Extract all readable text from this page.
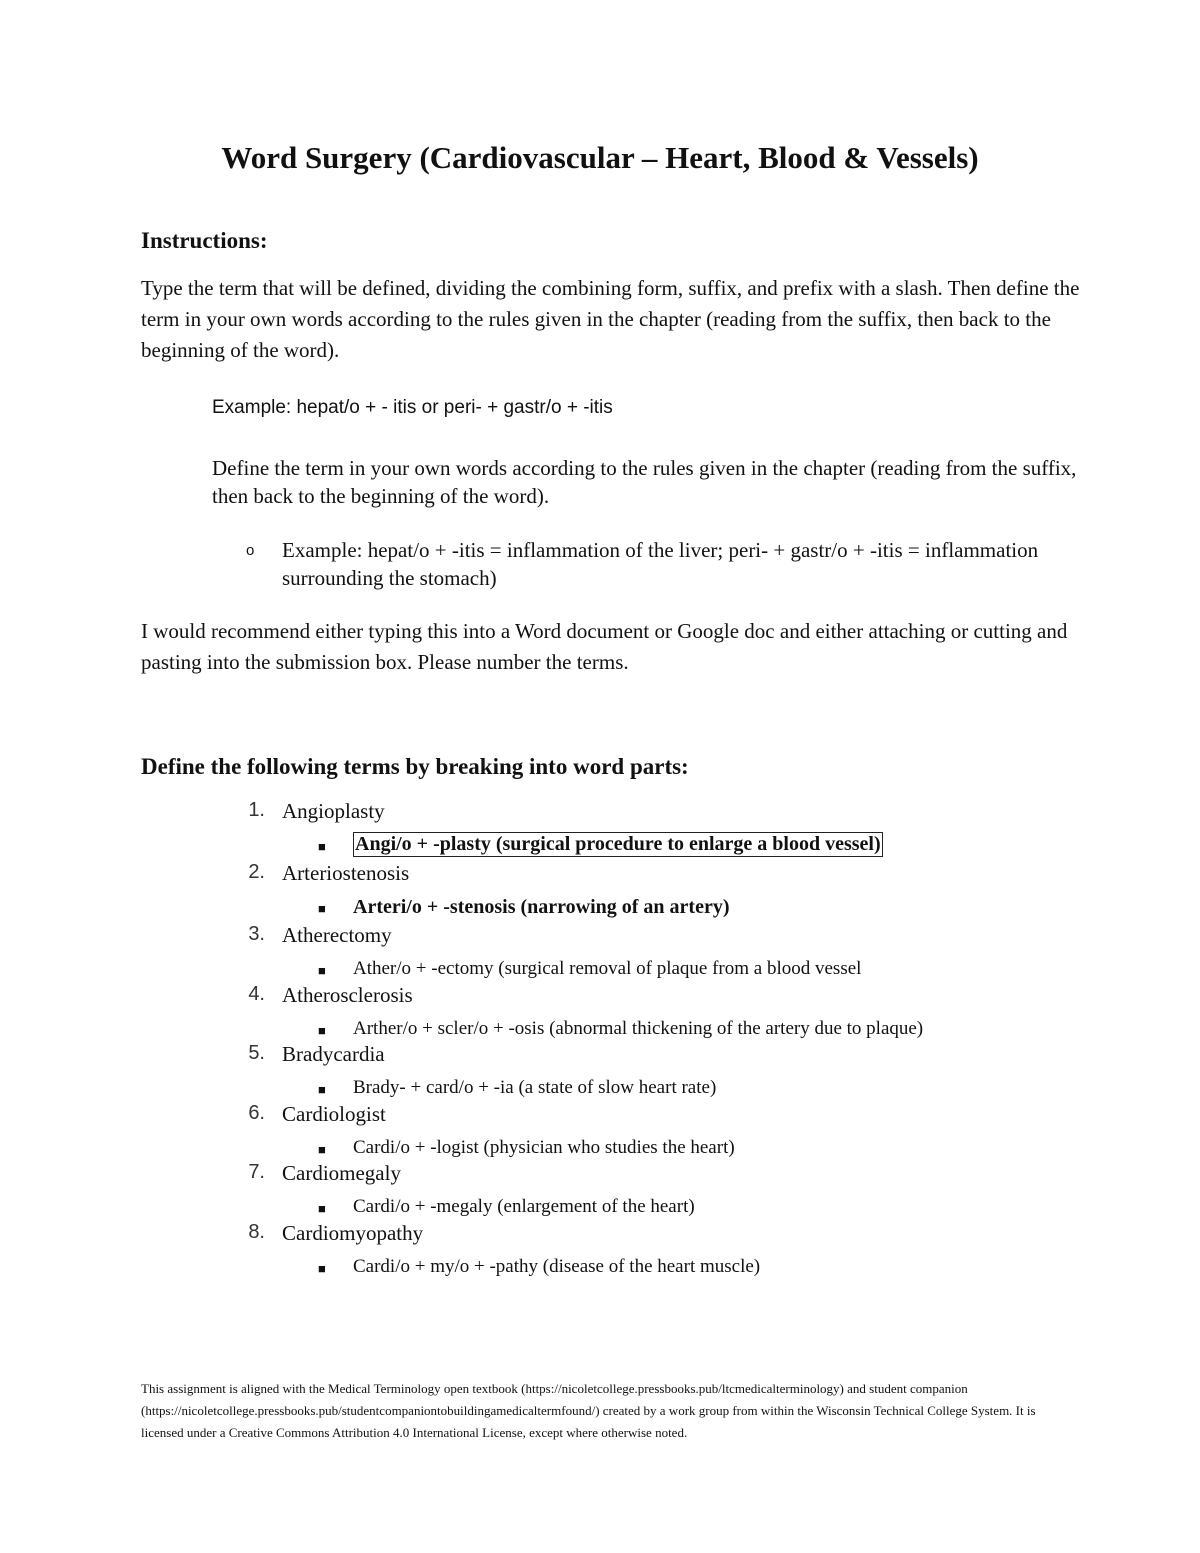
Word Surgery (Cardiovascular – Heart, Blood & Vessels)
Instructions:

Type the term that will be defined, dividing the combining form, suffix, and prefix with a slash. Then define the term in your own words according to the rules given in the chapter (reading from the suffix, then back to the beginning of the word).

Example: hepat/o + - itis or peri- + gastr/o + -itis

Define the term in your own words according to the rules given in the chapter (reading from the suffix, then back to the beginning of the word).

o Example: hepat/o + -itis = inflammation of the liver; peri- + gastr/o + -itis = inflammation surrounding the stomach)

I would recommend either typing this into a Word document or Google doc and either attaching or cutting and pasting into the submission box. Please number the terms.

Define the following terms by breaking into word parts:
1. Angioplasty
■ Angi/o + -plasty (surgical procedure to enlarge a blood vessel)
2. Arteriostenosis
■ Arteri/o + -stenosis (narrowing of an artery)
3. Atherectomy
■ Ather/o + -ectomy (surgical removal of plaque from a blood vessel
4. Atherosclerosis
■ Arther/o + scler/o + -osis (abnormal thickening of the artery due to plaque)
5. Bradycardia
■ Brady- + card/o + -ia (a state of slow heart rate)
6. Cardiologist
■ Cardi/o + -logist (physician who studies the heart)
7. Cardiomegaly
■ Cardi/o + -megaly (enlargement of the heart)
8. Cardiomyopathy
■ Cardi/o + my/o + -pathy (disease of the heart muscle)

This assignment is aligned with the Medical Terminology open textbook (https://nicoletcollege.pressbooks.pub/ltcmedicalterminology) and student companion (https://nicoletcollege.pressbooks.pub/studentcompaniontobuildingamedicaltermfound/) created by a work group from within the Wisconsin Technical College System. It is licensed under a Creative Commons Attribution 4.0 International License, except where otherwise noted.
